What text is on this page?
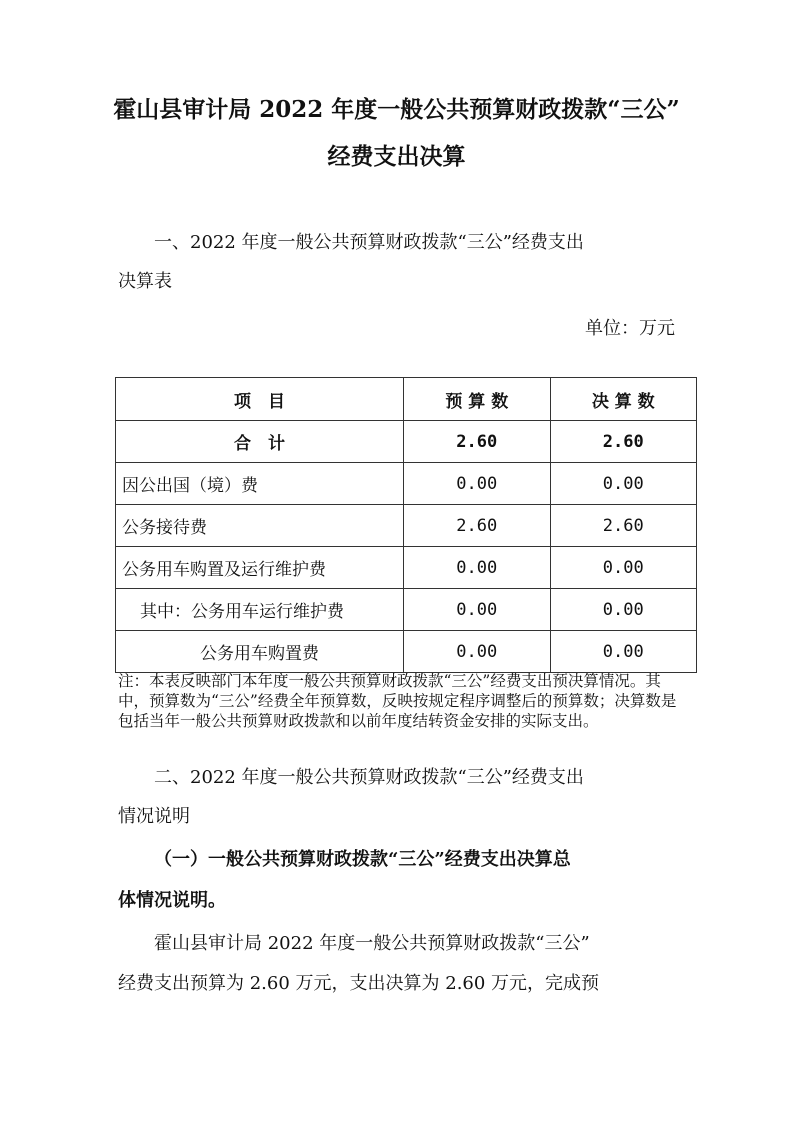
霍山县审计局 2022 年度一般公共预算财政拨款“三公”
经费支出决算

一、2022 年度一般公共预算财政拨款“三公”经费支出

决算表

单位：万元

项　目	预 算 数	决 算 数
合　计	2.60	2.60
因公出国（境）费	0.00	0.00
公务接待费	2.60	2.60
公务用车购置及运行维护费	0.00	0.00
其中：公务用车运行维护费	0.00	0.00
公务用车购置费	0.00	0.00

注：本表反映部门本年度一般公共预算财政拨款“三公”经费支出预决算情况。其中，预算数为“三公”经费全年预算数，反映按规定程序调整后的预算数；决算数是包括当年一般公共预算财政拨款和以前年度结转资金安排的实际支出。

二、2022 年度一般公共预算财政拨款“三公”经费支出

情况说明

（一）一般公共预算财政拨款“三公”经费支出决算总

体情况说明。

霍山县审计局 2022 年度一般公共预算财政拨款“三公”

经费支出预算为 2.60 万元，支出决算为 2.60 万元，完成预
